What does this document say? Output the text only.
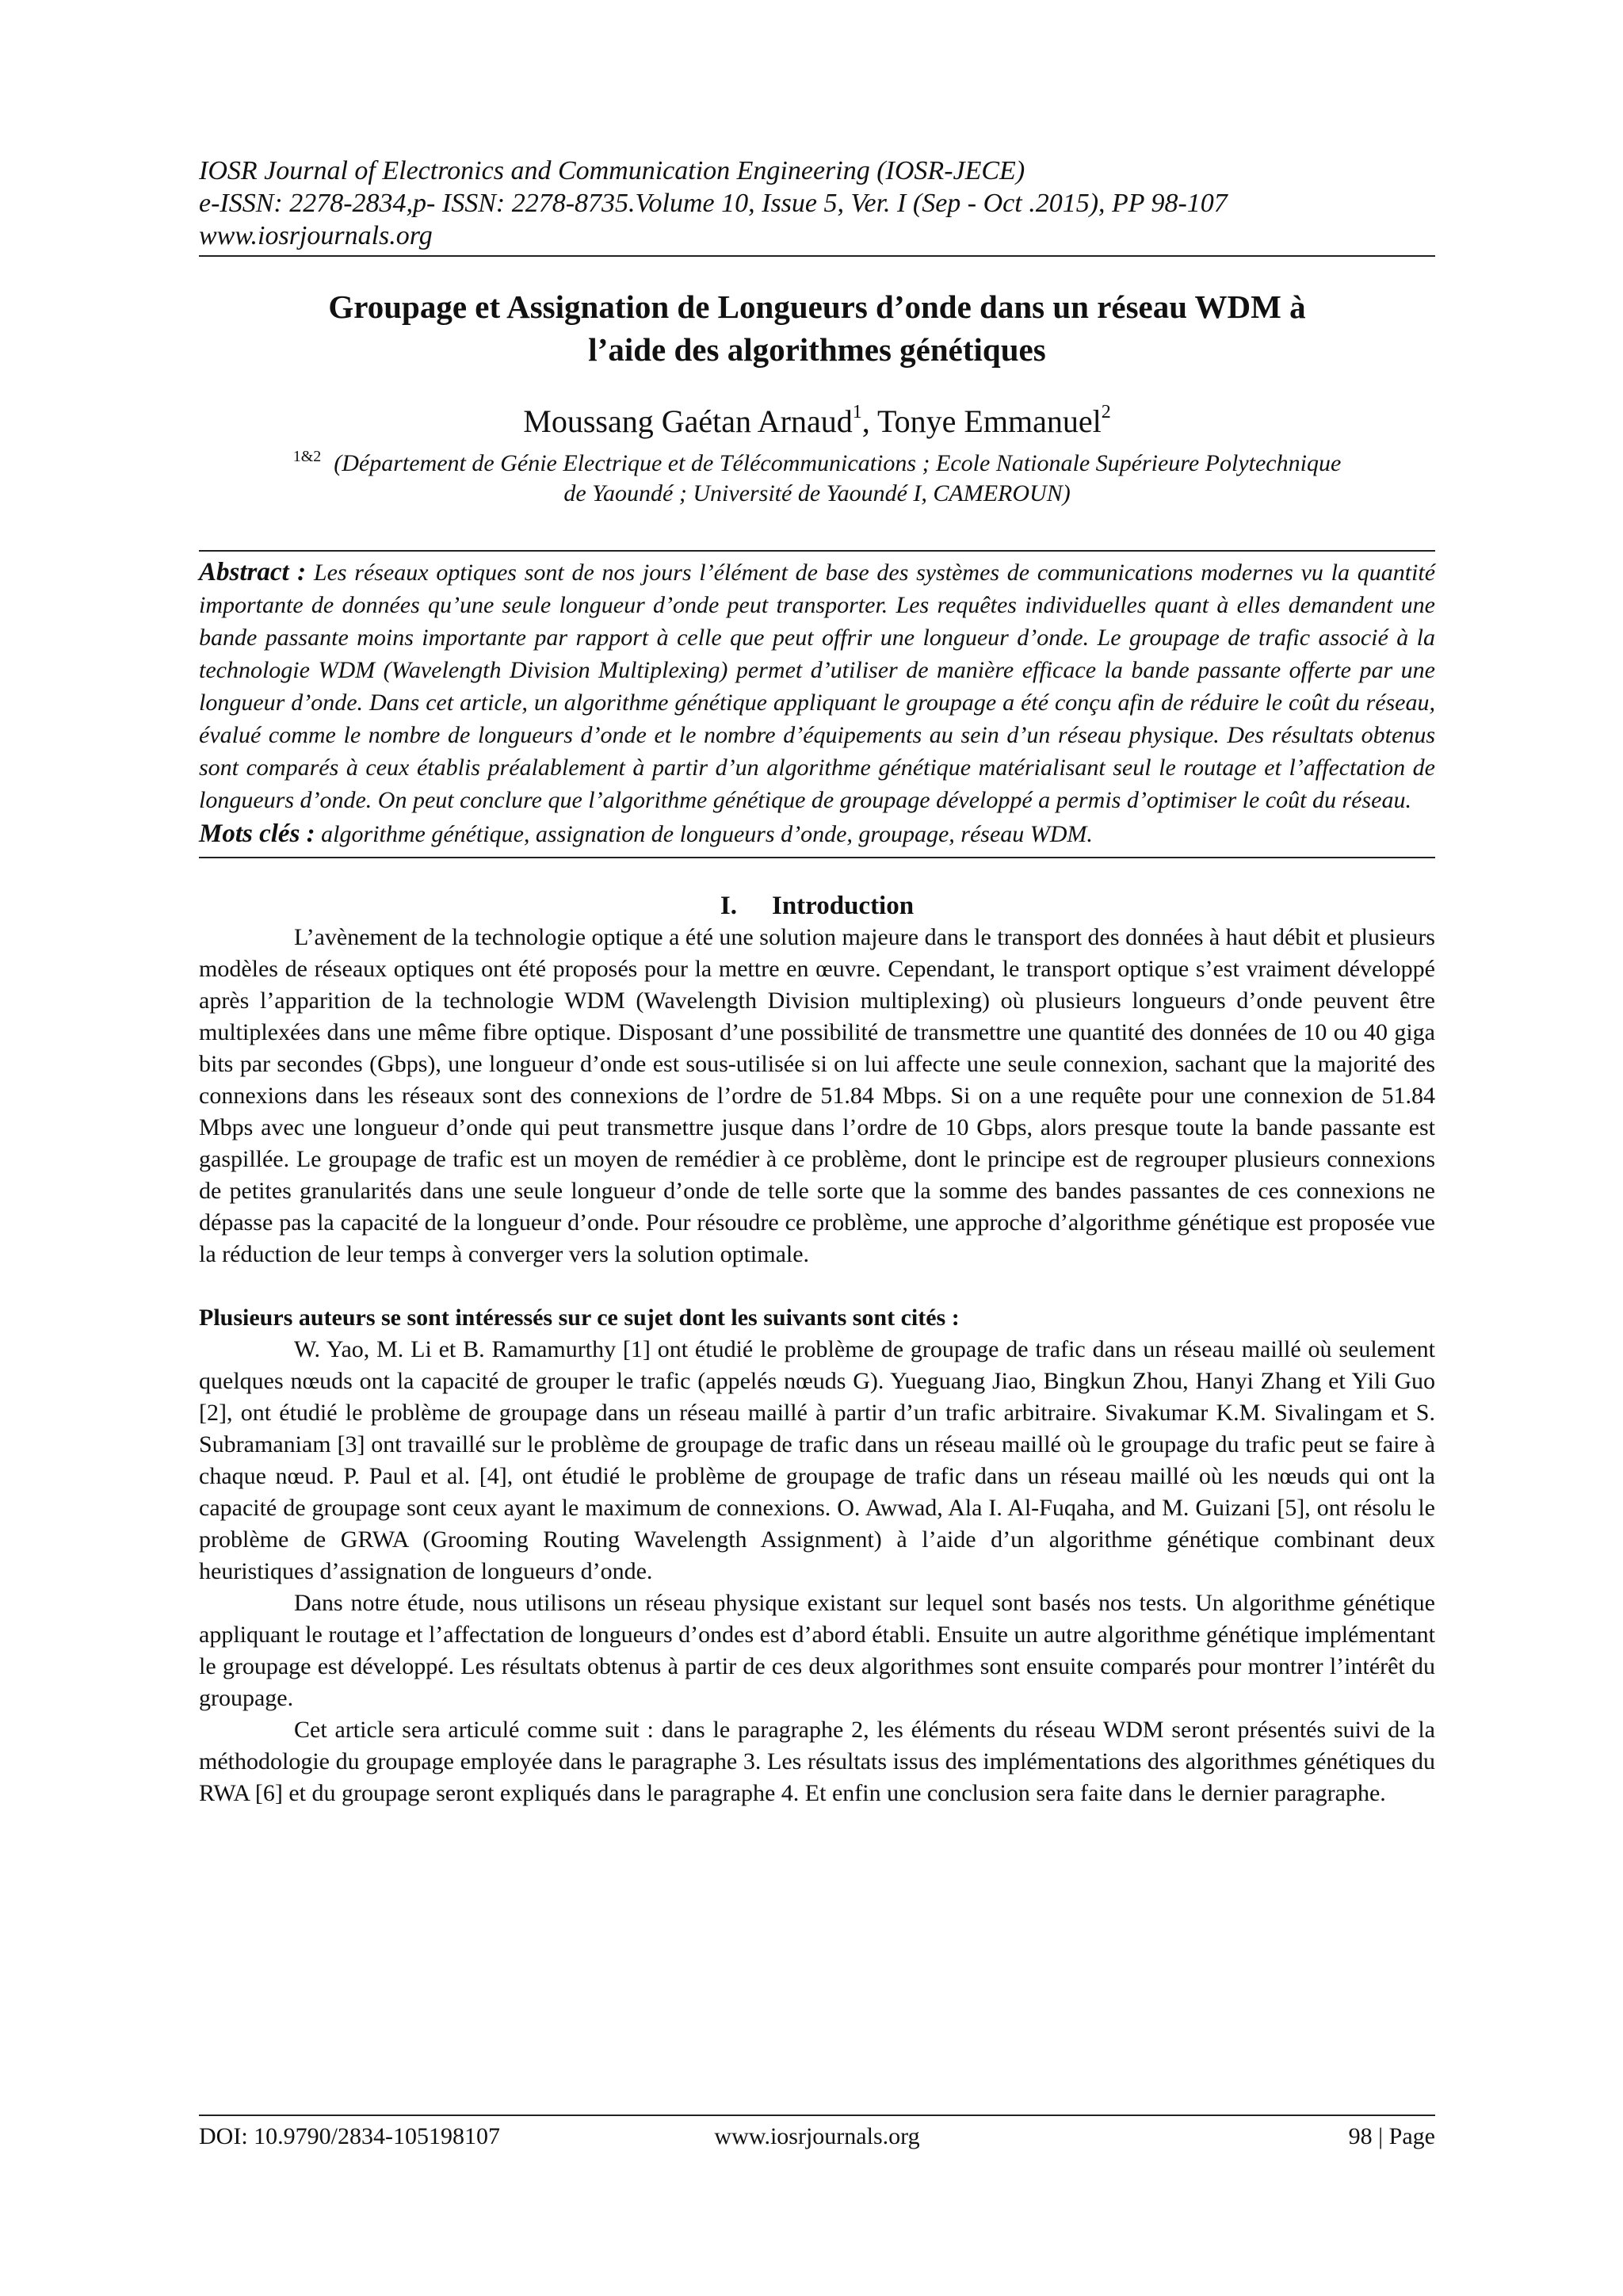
IOSR Journal of Electronics and Communication Engineering (IOSR-JECE)
e-ISSN: 2278-2834,p- ISSN: 2278-8735.Volume 10, Issue 5, Ver. I (Sep - Oct .2015), PP 98-107
www.iosrjournals.org
Groupage et Assignation de Longueurs d’onde dans un réseau WDM à
l’aide des algorithmes génétiques
Moussang Gaétan Arnaud$^1$, Tonye Emmanuel$^2$
$^{1\&2}$ (Département de Génie Electrique et de Télécommunications ; Ecole Nationale Supérieure Polytechnique
de Yaoundé ; Université de Yaoundé I, CAMEROUN)

Abstract : Les réseaux optiques sont de nos jours l’élément de base des systèmes de communications modernes vu la quantité importante de données qu’une seule longueur d’onde peut transporter. Les requêtes individuelles quant à elles demandent une bande passante moins importante par rapport à celle que peut offrir une longueur d’onde. Le groupage de trafic associé à la technologie WDM (Wavelength Division Multiplexing) permet d’utiliser de manière efficace la bande passante offerte par une longueur d’onde. Dans cet article, un algorithme génétique appliquant le groupage a été conçu afin de réduire le coût du réseau, évalué comme le nombre de longueurs d’onde et le nombre d’équipements au sein d’un réseau physique. Des résultats obtenus sont comparés à ceux établis préalablement à partir d’un algorithme génétique matérialisant seul le routage et l’affectation de longueurs d’onde. On peut conclure que l’algorithme génétique de groupage développé a permis d’optimiser le coût du réseau.

Mots clés : algorithme génétique, assignation de longueurs d’onde, groupage, réseau WDM.

I. Introduction

L’avènement de la technologie optique a été une solution majeure dans le transport des données à haut débit et plusieurs modèles de réseaux optiques ont été proposés pour la mettre en œuvre. Cependant, le transport optique s’est vraiment développé après l’apparition de la technologie WDM (Wavelength Division multiplexing) où plusieurs longueurs d’onde peuvent être multiplexées dans une même fibre optique. Disposant d’une possibilité de transmettre une quantité des données de 10 ou 40 giga bits par secondes (Gbps), une longueur d’onde est sous-utilisée si on lui affecte une seule connexion, sachant que la majorité des connexions dans les réseaux sont des connexions de l’ordre de 51.84 Mbps. Si on a une requête pour une connexion de 51.84 Mbps avec une longueur d’onde qui peut transmettre jusque dans l’ordre de 10 Gbps, alors presque toute la bande passante est gaspillée. Le groupage de trafic est un moyen de remédier à ce problème, dont le principe est de regrouper plusieurs connexions de petites granularités dans une seule longueur d’onde de telle sorte que la somme des bandes passantes de ces connexions ne dépasse pas la capacité de la longueur d’onde. Pour résoudre ce problème, une approche d’algorithme génétique est proposée vue la réduction de leur temps à converger vers la solution optimale.

Plusieurs auteurs se sont intéressés sur ce sujet dont les suivants sont cités :

W. Yao, M. Li et B. Ramamurthy [1] ont étudié le problème de groupage de trafic dans un réseau maillé où seulement quelques nœuds ont la capacité de grouper le trafic (appelés nœuds G). Yueguang Jiao, Bingkun Zhou, Hanyi Zhang et Yili Guo [2], ont étudié le problème de groupage dans un réseau maillé à partir d’un trafic arbitraire. Sivakumar K.M. Sivalingam et S. Subramaniam [3] ont travaillé sur le problème de groupage de trafic dans un réseau maillé où le groupage du trafic peut se faire à chaque nœud. P. Paul et al. [4], ont étudié le problème de groupage de trafic dans un réseau maillé où les nœuds qui ont la capacité de groupage sont ceux ayant le maximum de connexions. O. Awwad, Ala I. Al-Fuqaha, and M. Guizani [5], ont résolu le problème de GRWA (Grooming Routing Wavelength Assignment) à l’aide d’un algorithme génétique combinant deux heuristiques d’assignation de longueurs d’onde.

Dans notre étude, nous utilisons un réseau physique existant sur lequel sont basés nos tests. Un algorithme génétique appliquant le routage et l’affectation de longueurs d’ondes est d’abord établi. Ensuite un autre algorithme génétique implémentant le groupage est développé. Les résultats obtenus à partir de ces deux algorithmes sont ensuite comparés pour montrer l’intérêt du groupage.

Cet article sera articulé comme suit : dans le paragraphe 2, les éléments du réseau WDM seront présentés suivi de la méthodologie du groupage employée dans le paragraphe 3. Les résultats issus des implémentations des algorithmes génétiques du RWA [6] et du groupage seront expliqués dans le paragraphe 4. Et enfin une conclusion sera faite dans le dernier paragraphe.

DOI: 10.9790/2834-105198107	www.iosrjournals.org	98 | Page
